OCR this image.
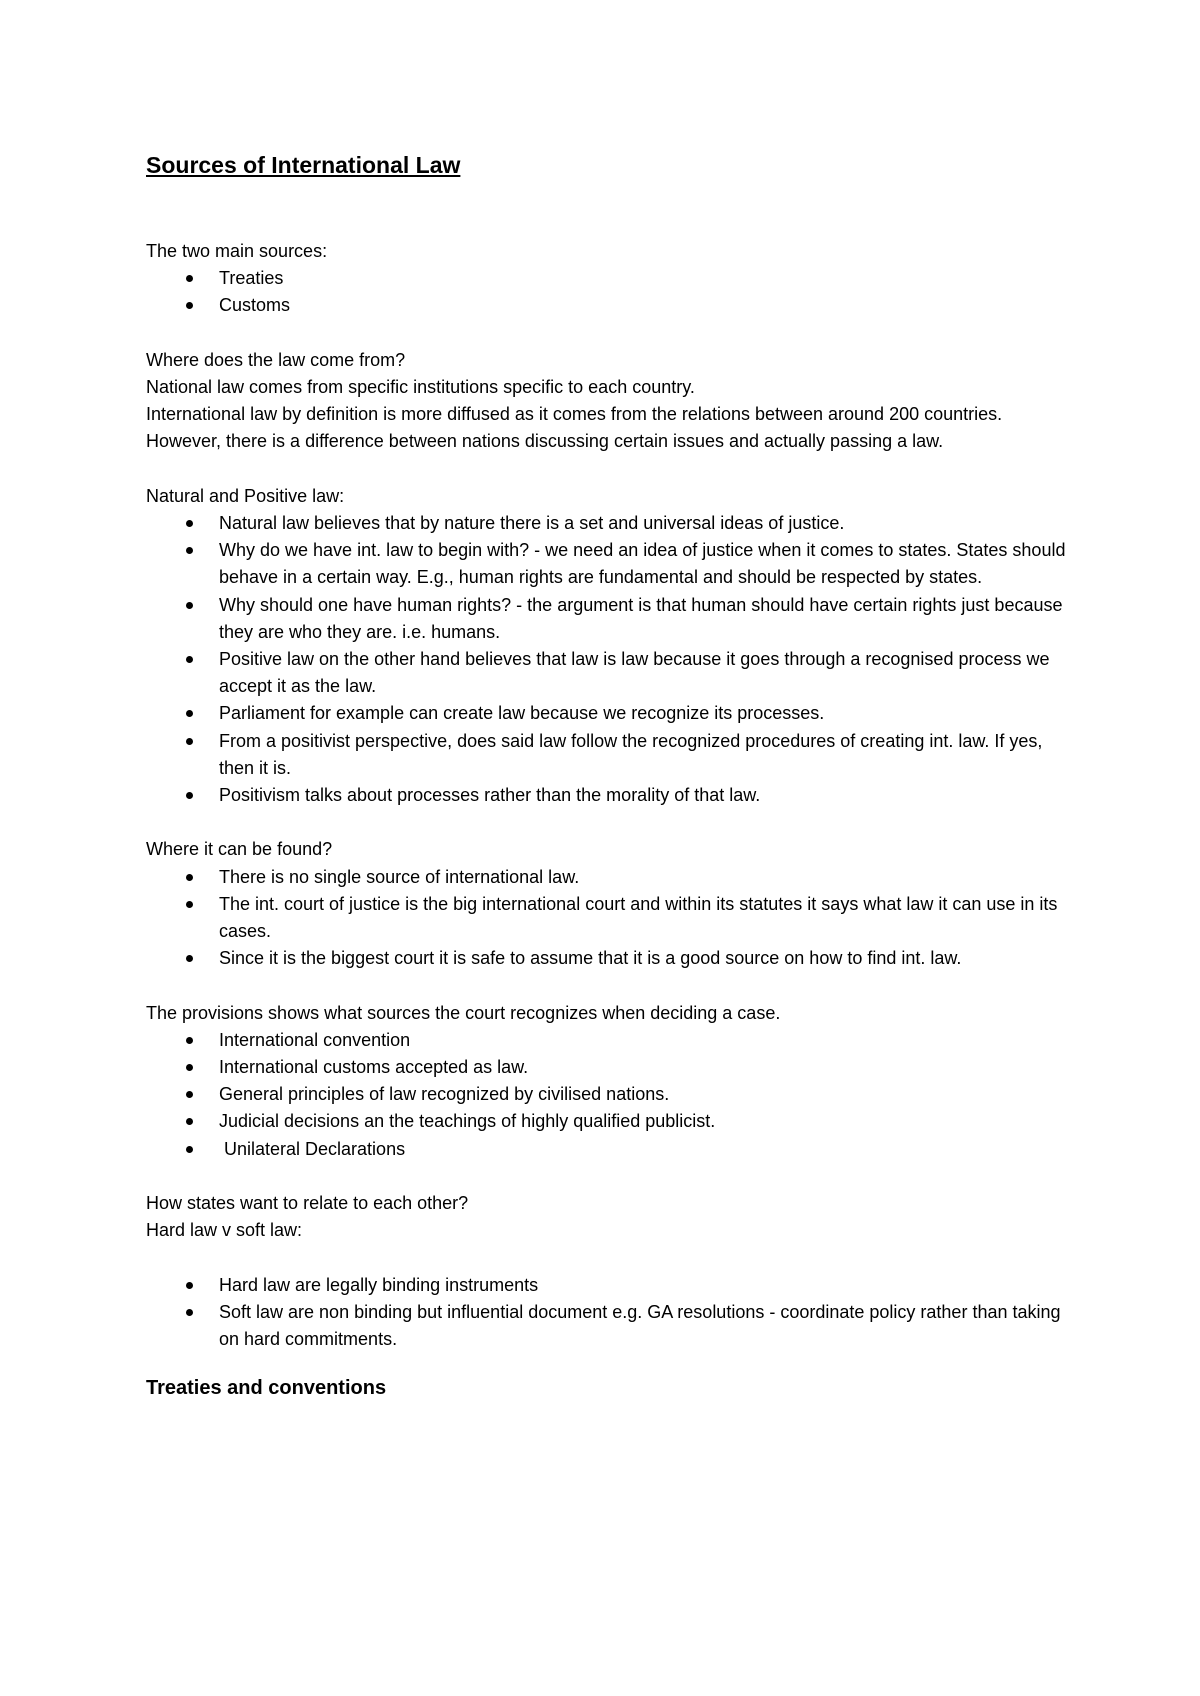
Sources of International Law

The two main sources:

Treaties
Customs

Where does the law come from?

National law comes from specific institutions specific to each country.

International law by definition is more diffused as it comes from the relations between around 200 countries.

However, there is a difference between nations discussing certain issues and actually passing a law.

Natural and Positive law:

Natural law believes that by nature there is a set and universal ideas of justice.
Why do we have int. law to begin with? - we need an idea of justice when it comes to states. States should behave in a certain way. E.g., human rights are fundamental and should be respected by states.
Why should one have human rights? - the argument is that human should have certain rights just because they are who they are. i.e. humans.
Positive law on the other hand believes that law is law because it goes through a recognised process we accept it as the law.
Parliament for example can create law because we recognize its processes.
From a positivist perspective, does said law follow the recognized procedures of creating int. law. If yes, then it is.
Positivism talks about processes rather than the morality of that law.

Where it can be found?

There is no single source of international law.
The int. court of justice is the big international court and within its statutes it says what law it can use in its cases.
Since it is the biggest court it is safe to assume that it is a good source on how to find int. law.

The provisions shows what sources the court recognizes when deciding a case.

International convention
International customs accepted as law.
General principles of law recognized by civilised nations.
Judicial decisions an the teachings of highly qualified publicist.
Unilateral Declarations

How states want to relate to each other?

Hard law v soft law:

Hard law are legally binding instruments
Soft law are non binding but influential document e.g. GA resolutions - coordinate policy rather than taking on hard commitments.
Treaties and conventions
